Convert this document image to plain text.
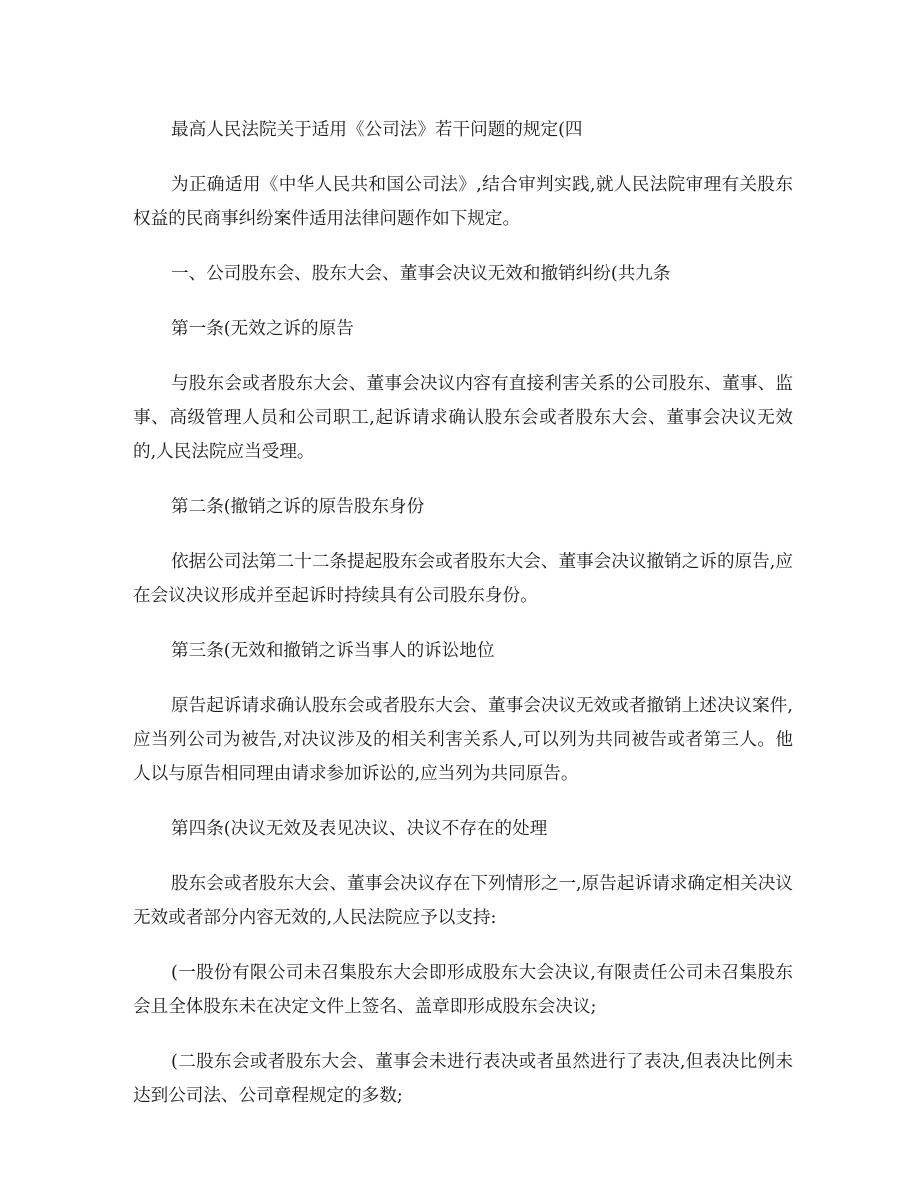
最高人民法院关于适用《公司法》若干问题的规定(四

为正确适用《中华人民共和国公司法》,结合审判实践,就人民法院审理有关股东权益的民商事纠纷案件适用法律问题作如下规定。

一、公司股东会、股东大会、董事会决议无效和撤销纠纷(共九条

第一条(无效之诉的原告

与股东会或者股东大会、董事会决议内容有直接利害关系的公司股东、董事、监事、高级管理人员和公司职工,起诉请求确认股东会或者股东大会、董事会决议无效的,人民法院应当受理。

第二条(撤销之诉的原告股东身份

依据公司法第二十二条提起股东会或者股东大会、董事会决议撤销之诉的原告,应在会议决议形成并至起诉时持续具有公司股东身份。

第三条(无效和撤销之诉当事人的诉讼地位

原告起诉请求确认股东会或者股东大会、董事会决议无效或者撤销上述决议案件,应当列公司为被告,对决议涉及的相关利害关系人,可以列为共同被告或者第三人。他人以与原告相同理由请求参加诉讼的,应当列为共同原告。

第四条(决议无效及表见决议、决议不存在的处理

股东会或者股东大会、董事会决议存在下列情形之一,原告起诉请求确定相关决议无效或者部分内容无效的,人民法院应予以支持:

(一股份有限公司未召集股东大会即形成股东大会决议,有限责任公司未召集股东会且全体股东未在决定文件上签名、盖章即形成股东会决议;

(二股东会或者股东大会、董事会未进行表决或者虽然进行了表决,但表决比例未达到公司法、公司章程规定的多数;
